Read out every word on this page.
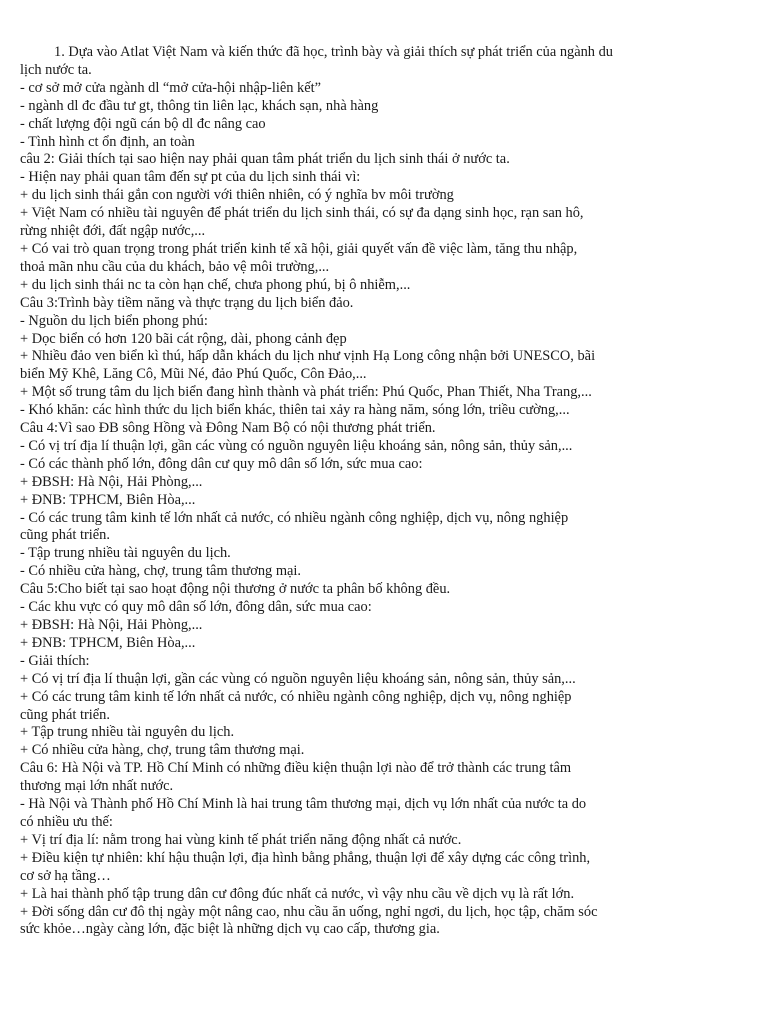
1. Dựa vào Atlat Việt Nam và kiến thức đã học, trình bày và giải thích sự phát triển của ngành du
lịch nước ta.
- cơ sở mở cửa ngành dl “mở cửa-hội nhập-liên kết”
- ngành dl đc đầu tư gt, thông tin liên lạc, khách sạn, nhà hàng
- chất lượng đội ngũ cán bộ dl đc nâng cao
- Tình hình ct ổn định, an toàn
câu 2: Giải thích tại sao hiện nay phải quan tâm phát triển du lịch sinh thái ở nước ta.
- Hiện nay phải quan tâm đến sự pt của du lịch sinh thái vì:
+ du lịch sinh thái gắn con người với thiên nhiên, có ý nghĩa bv môi trường
+ Việt Nam có nhiều tài nguyên để phát triển du lịch sinh thái, có sự đa dạng sinh học, rạn san hô,
rừng nhiệt đới, đất ngập nước,...
+ Có vai trò quan trọng trong phát triển kinh tế xã hội, giải quyết vấn đề việc làm, tăng thu nhập,
thoả mãn nhu cầu của du khách, bảo vệ môi trường,...
+ du lịch sinh thái nc ta còn hạn chế, chưa phong phú, bị ô nhiễm,...
Câu 3:Trình bày tiềm năng và thực trạng du lịch biển đảo.
- Nguồn du lịch biển phong phú:
+ Dọc biển có hơn 120 bãi cát rộng, dài, phong cảnh đẹp
+ Nhiều đảo ven biển kì thú, hấp dẫn khách du lịch như vịnh Hạ Long công nhận bởi UNESCO, bãi
biển Mỹ Khê, Lăng Cô, Mũi Né, đảo Phú Quốc, Côn Đảo,...
+ Một số trung tâm du lịch biển đang hình thành và phát triển: Phú Quốc, Phan Thiết, Nha Trang,...
- Khó khăn: các hình thức du lịch biển khác, thiên tai xảy ra hàng năm, sóng lớn, triều cường,...
Câu 4:Vì sao ĐB sông Hồng và Đông Nam Bộ có nội thương phát triển.
- Có vị trí địa lí thuận lợi, gần các vùng có nguồn nguyên liệu khoáng sản, nông sản, thủy sản,...
- Có các thành phố lớn, đông dân cư quy mô dân số lớn, sức mua cao:
+ ĐBSH: Hà Nội, Hải Phòng,...
+ ĐNB: TPHCM, Biên Hòa,...
- Có các trung tâm kinh tế lớn nhất cả nước, có nhiều ngành công nghiệp, dịch vụ, nông nghiệp
cũng phát triển.
- Tập trung nhiều tài nguyên du lịch.
- Có nhiều cửa hàng, chợ, trung tâm thương mại.
Câu 5:Cho biết tại sao hoạt động nội thương ở nước ta phân bố không đều.
- Các khu vực có quy mô dân số lớn, đông dân, sức mua cao:
+ ĐBSH: Hà Nội, Hải Phòng,...
+ ĐNB: TPHCM, Biên Hòa,...
- Giải thích:
+ Có vị trí địa lí thuận lợi, gần các vùng có nguồn nguyên liệu khoáng sản, nông sản, thủy sản,...
+ Có các trung tâm kinh tế lớn nhất cả nước, có nhiều ngành công nghiệp, dịch vụ, nông nghiệp
cũng phát triển.
+ Tập trung nhiều tài nguyên du lịch.
+ Có nhiều cửa hàng, chợ, trung tâm thương mại.
Câu 6: Hà Nội và TP. Hồ Chí Minh có những điều kiện thuận lợi nào để trở thành các trung tâm
thương mại lớn nhất nước.
- Hà Nội và Thành phố Hồ Chí Minh là hai trung tâm thương mại, dịch vụ lớn nhất của nước ta do
có nhiều ưu thế:
+ Vị trí địa lí: nằm trong hai vùng kinh tế phát triển năng động nhất cả nước.
+ Điều kiện tự nhiên: khí hậu thuận lợi, địa hình bằng phẳng, thuận lợi để xây dựng các công trình,
cơ sở hạ tầng…
+ Là hai thành phố tập trung dân cư đông đúc nhất cả nước, vì vậy nhu cầu về dịch vụ là rất lớn.
+ Đời sống dân cư đô thị ngày một nâng cao, nhu cầu ăn uống, nghỉ ngơi, du lịch, học tập, chăm sóc
sức khỏe…ngày càng lớn, đặc biệt là những dịch vụ cao cấp, thương gia.
